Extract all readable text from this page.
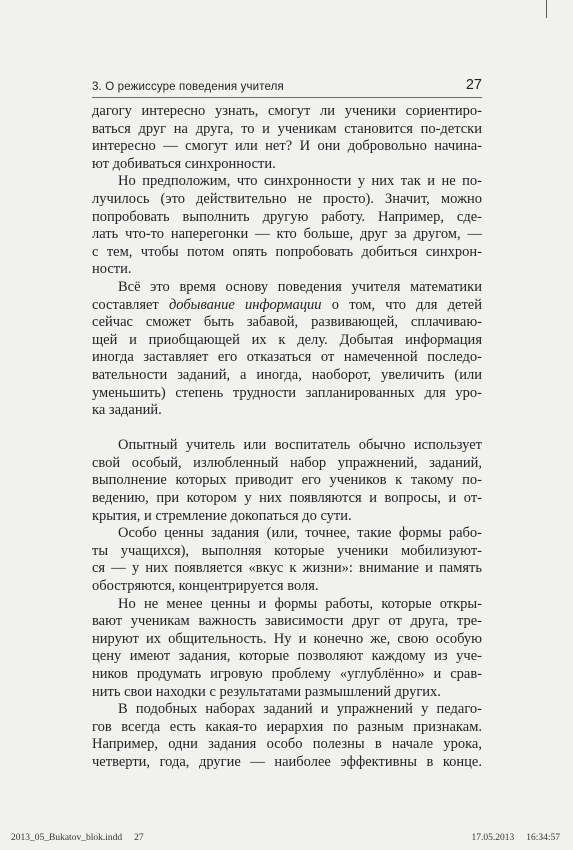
3. О режиссуре поведения учителя	27
дагогу интересно узнать, смогут ли ученики сориентиро-
ваться друг на друга, то и ученикам становится по-детски
интересно — смогут или нет? И они добровольно начина-
ют добиваться синхронности.
Но предположим, что синхронности у них так и не по-
лучилось (это действительно не просто). Значит, можно
попробовать выполнить другую работу. Например, сде-
лать что-то наперегонки — кто больше, друг за другом, —
с тем, чтобы потом опять попробовать добиться синхрон-
ности.
Всё это время основу поведения учителя математики
составляет добывание информации о том, что для детей
сейчас сможет быть забавой, развивающей, сплачиваю-
щей и приобщающей их к делу. Добытая информация
иногда заставляет его отказаться от намеченной последо-
вательности заданий, а иногда, наоборот, увеличить (или
уменьшить) степень трудности запланированных для уро-
ка заданий.
Опытный учитель или воспитатель обычно использует
свой особый, излюбленный набор упражнений, заданий,
выполнение которых приводит его учеников к такому по-
ведению, при котором у них появляются и вопросы, и от-
крытия, и стремление докопаться до сути.
Особо ценны задания (или, точнее, такие формы рабо-
ты учащихся), выполняя которые ученики мобилизуют-
ся — у них появляется «вкус к жизни»: внимание и память
обостряются, концентрируется воля.
Но не менее ценны и формы работы, которые откры-
вают ученикам важность зависимости друг от друга, тре-
нируют их общительность. Ну и конечно же, свою особую
цену имеют задания, которые позволяют каждому из уче-
ников продумать игровую проблему «углублённо» и срав-
нить свои находки с результатами размышлений других.
В подобных наборах заданий и упражнений у педаго-
гов всегда есть какая-то иерархия по разным признакам.
Например, одни задания особо полезны в начале урока,
четверти, года, другие — наиболее эффективны в конце.
2013_05_Bukatov_blok.indd 27	17.05.2013 16:34:57
